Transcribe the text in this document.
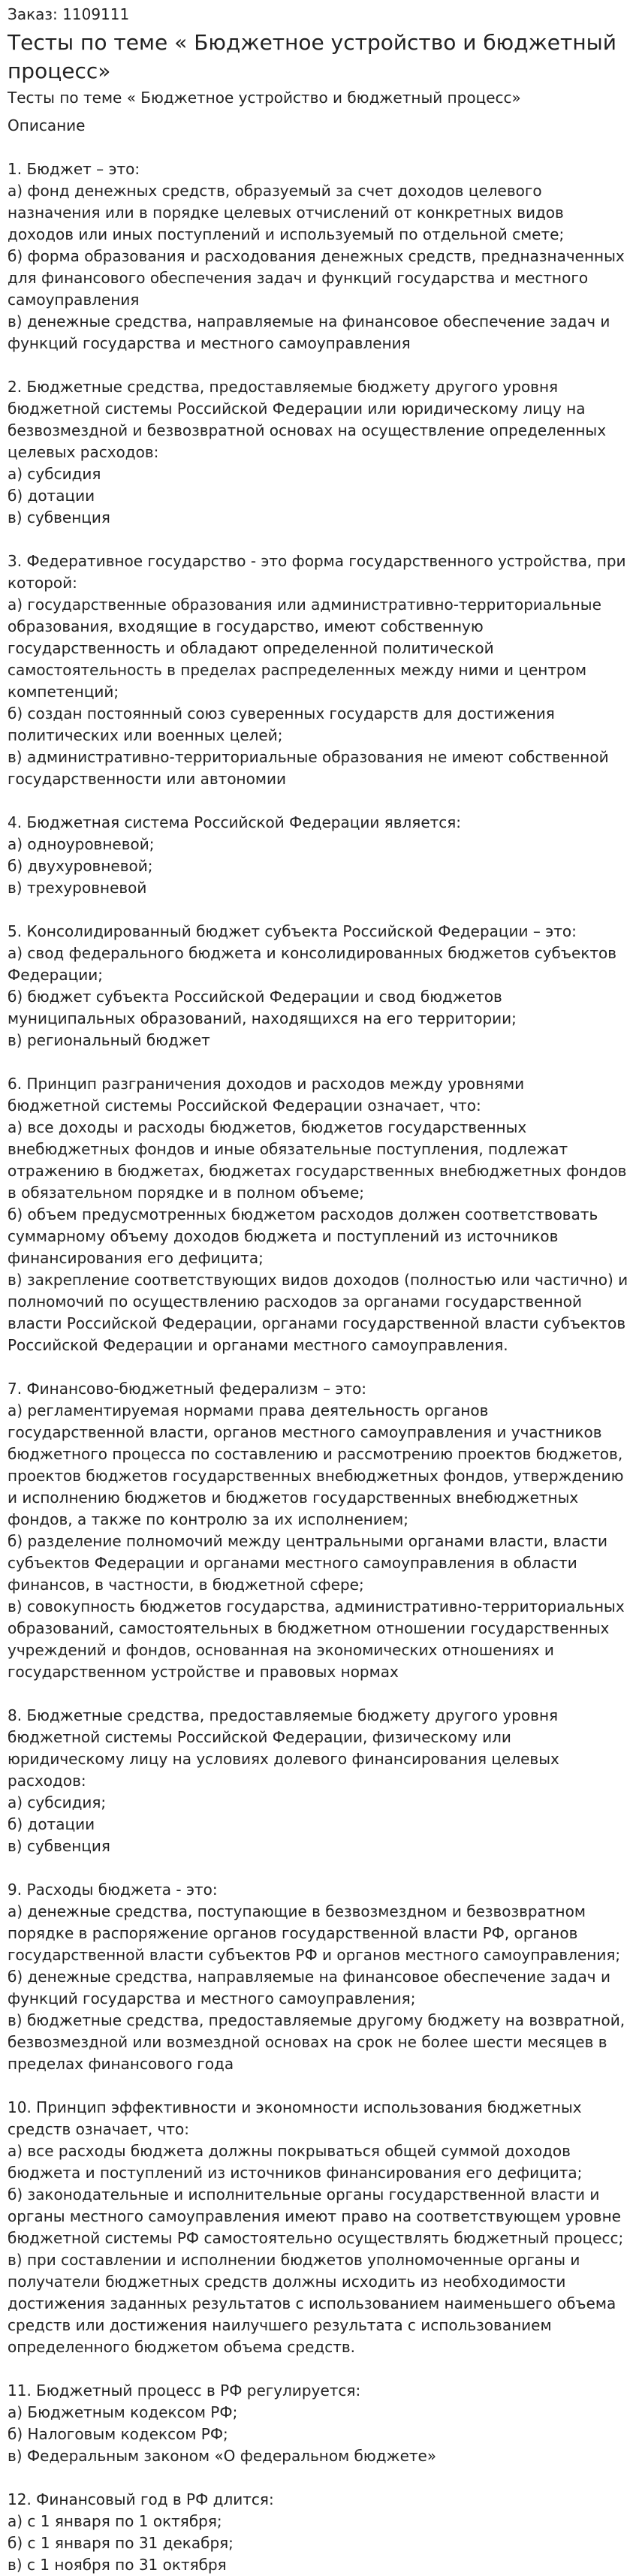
Заказ: 1109111

Тесты по теме « Бюджетное устройство и бюджетный процесс»

Тесты по теме « Бюджетное устройство и бюджетный процесс»

Описание

1. Бюджет – это:
а) фонд денежных средств, образуемый за счет доходов целевого назначения или в порядке целевых отчислений от конкретных видов доходов или иных поступлений и используемый по отдельной смете;
б) форма образования и расходования денежных средств, предназначенных для финансового обеспечения задач и функций государства и местного самоуправления
в) денежные средства, направляемые на финансовое обеспечение задач и функций государства и местного самоуправления
2. Бюджетные средства, предоставляемые бюджету другого уровня бюджетной системы Российской Федерации или юридическому лицу на безвозмездной и безвозвратной основах на осуществление определенных целевых расходов:
а) субсидия
б) дотации
в) субвенция
3. Федеративное государство - это форма государственного устройства, при которой:
а) государственные образования или административно-территориальные образования, входящие в государство, имеют собственную государственность и обладают определенной политической самостоятельность в пределах распределенных между ними и центром компетенций;
б) создан постоянный союз суверенных государств для достижения политических или военных целей;
в) административно-территориальные образования не имеют собственной государственности или автономии
4. Бюджетная система Российской Федерации является:
а) одноуровневой;
б) двухуровневой;
в) трехуровневой
5. Консолидированный бюджет субъекта Российской Федерации – это:
а) свод федерального бюджета и консолидированных бюджетов субъектов Федерации;
б) бюджет субъекта Российской Федерации и свод бюджетов муниципальных образований, находящихся на его территории;
в) региональный бюджет
6. Принцип разграничения доходов и расходов между уровнями
бюджетной системы Российской Федерации означает, что:
а) все доходы и расходы бюджетов, бюджетов государственных внебюджетных фондов и иные обязательные поступления, подлежат отражению в бюджетах, бюджетах государственных внебюджетных фондов в обязательном порядке и в полном объеме;
б) объем предусмотренных бюджетом расходов должен соответствовать суммарному объему доходов бюджета и поступлений из источников финансирования его дефицита;
в) закрепление соответствующих видов доходов (полностью или частично) и полномочий по осуществлению расходов за органами государственной власти Российской Федерации, органами государственной власти субъектов Российской Федерации и органами местного самоуправления.
7. Финансово-бюджетный федерализм – это:
а) регламентируемая нормами права деятельность органов государственной власти, органов местного самоуправления и участников бюджетного процесса по составлению и рассмотрению проектов бюджетов, проектов бюджетов государственных внебюджетных фондов, утверждению и исполнению бюджетов и бюджетов государственных внебюджетных фондов, а также по контролю за их исполнением;
б) разделение полномочий между центральными органами власти, власти субъектов Федерации и органами местного самоуправления в области финансов, в частности, в бюджетной сфере;
в) совокупность бюджетов государства, административно-территориальных образований, самостоятельных в бюджетном отношении государственных учреждений и фондов, основанная на экономических отношениях и государственном устройстве и правовых нормах
8. Бюджетные средства, предоставляемые бюджету другого уровня бюджетной системы Российской Федерации, физическому или юридическому лицу на условиях долевого финансирования целевых расходов:
а) субсидия;
б) дотации
в) субвенция
9. Расходы бюджета - это:
а) денежные средства, поступающие в безвозмездном и безвозвратном порядке в распоряжение органов государственной власти РФ, органов государственной власти субъектов РФ и органов местного самоуправления;
б) денежные средства, направляемые на финансовое обеспечение задач и функций государства и местного самоуправления;
в) бюджетные средства, предоставляемые другому бюджету на возвратной, безвозмездной или возмездной основах на срок не более шести месяцев в пределах финансового года
10. Принцип эффективности и экономности использования бюджетных средств означает, что:
а) все расходы бюджета должны покрываться общей суммой доходов бюджета и поступлений из источников финансирования его дефицита;
б) законодательные и исполнительные органы государственной власти и органы местного самоуправления имеют право на соответствующем уровне бюджетной системы РФ самостоятельно осуществлять бюджетный процесс;
в) при составлении и исполнении бюджетов уполномоченные органы и получатели бюджетных средств должны исходить из необходимости достижения заданных результатов с использованием наименьшего объема средств или достижения наилучшего результата с использованием определенного бюджетом объема средств.
11. Бюджетный процесс в РФ регулируется:
а) Бюджетным кодексом РФ;
б) Налоговым кодексом РФ;
в) Федеральным законом «О федеральном бюджете»
12. Финансовый год в РФ длится:
а) с 1 января по 1 октября;
б) с 1 января по 31 декабря;
в) с 1 ноября по 31 октября
